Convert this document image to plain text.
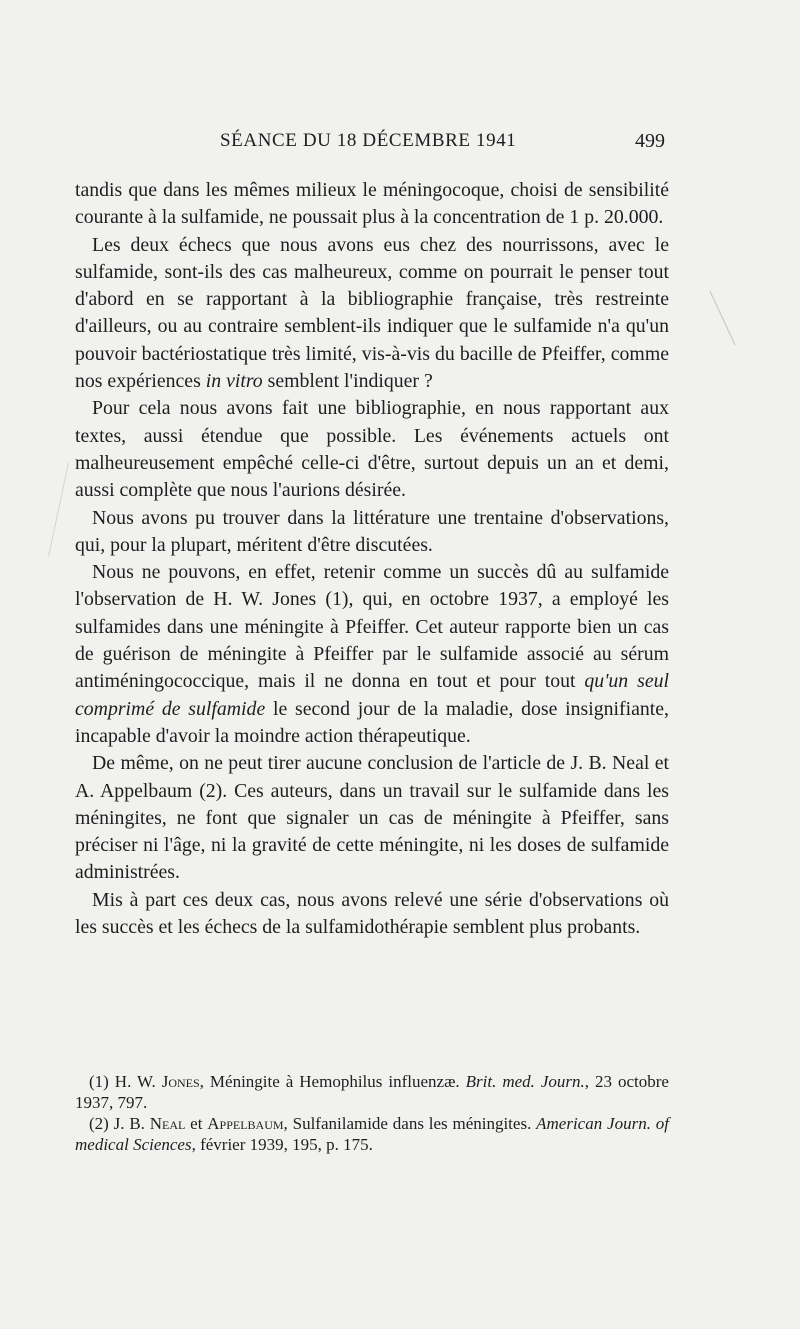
SÉANCE DU 18 DÉCEMBRE 1941	499

tandis que dans les mêmes milieux le méningocoque, choisi de sensibilité courante à la sulfamide, ne poussait plus à la concentration de 1 p. 20.000.

Les deux échecs que nous avons eus chez des nourrissons, avec le sulfamide, sont-ils des cas malheureux, comme on pourrait le penser tout d'abord en se rapportant à la bibliographie française, très restreinte d'ailleurs, ou au contraire semblent-ils indiquer que le sulfamide n'a qu'un pouvoir bactériostatique très limité, vis-à-vis du bacille de Pfeiffer, comme nos expériences in vitro semblent l'indiquer ?

Pour cela nous avons fait une bibliographie, en nous rapportant aux textes, aussi étendue que possible. Les événements actuels ont malheureusement empêché celle-ci d'être, surtout depuis un an et demi, aussi complète que nous l'aurions désirée.

Nous avons pu trouver dans la littérature une trentaine d'observations, qui, pour la plupart, méritent d'être discutées.

Nous ne pouvons, en effet, retenir comme un succès dû au sulfamide l'observation de H. W. Jones (1), qui, en octobre 1937, a employé les sulfamides dans une méningite à Pfeiffer. Cet auteur rapporte bien un cas de guérison de méningite à Pfeiffer par le sulfamide associé au sérum antiméningococcique, mais il ne donna en tout et pour tout qu'un seul comprimé de sulfamide le second jour de la maladie, dose insignifiante, incapable d'avoir la moindre action thérapeutique.

De même, on ne peut tirer aucune conclusion de l'article de J. B. Neal et A. Appelbaum (2). Ces auteurs, dans un travail sur le sulfamide dans les méningites, ne font que signaler un cas de méningite à Pfeiffer, sans préciser ni l'âge, ni la gravité de cette méningite, ni les doses de sulfamide administrées.

Mis à part ces deux cas, nous avons relevé une série d'observations où les succès et les échecs de la sulfamidothérapie semblent plus probants.

(1) H. W. Jones, Méningite à Hemophilus influenzæ. Brit. med. Journ., 23 octobre 1937, 797.

(2) J. B. Neal et Appelbaum, Sulfanilamide dans les méningites. American Journ. of medical Sciences, février 1939, 195, p. 175.
